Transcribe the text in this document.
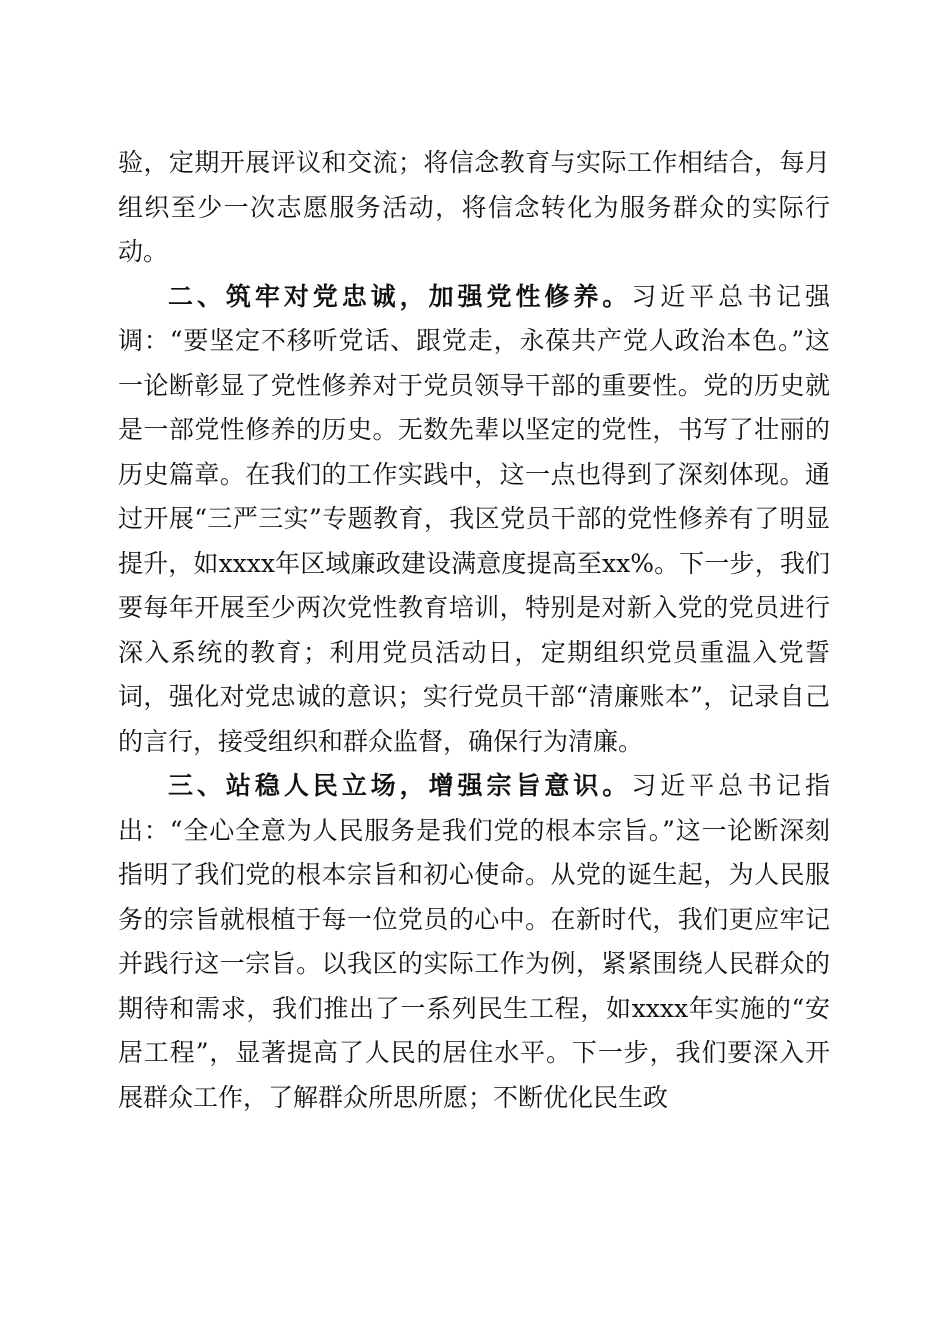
验，定期开展评议和交流；将信念教育与实际工作相结合，每月组织至少一次志愿服务活动，将信念转化为服务群众的实际行动。

二、筑牢对党忠诚，加强党性修养。习近平总书记强调：“要坚定不移听党话、跟党走，永葆共产党人政治本色。”这一论断彰显了党性修养对于党员领导干部的重要性。党的历史就是一部党性修养的历史。无数先辈以坚定的党性，书写了壮丽的历史篇章。在我们的工作实践中，这一点也得到了深刻体现。通过开展“三严三实”专题教育，我区党员干部的党性修养有了明显提升，如xxxx年区域廉政建设满意度提高至xx%。下一步，我们要每年开展至少两次党性教育培训，特别是对新入党的党员进行深入系统的教育；利用党员活动日，定期组织党员重温入党誓词，强化对党忠诚的意识；实行党员干部“清廉账本”，记录自己的言行，接受组织和群众监督，确保行为清廉。

三、站稳人民立场，增强宗旨意识。习近平总书记指出：“全心全意为人民服务是我们党的根本宗旨。”这一论断深刻指明了我们党的根本宗旨和初心使命。从党的诞生起，为人民服务的宗旨就根植于每一位党员的心中。在新时代，我们更应牢记并践行这一宗旨。以我区的实际工作为例，紧紧围绕人民群众的期待和需求，我们推出了一系列民生工程，如xxxx年实施的“安居工程”，显著提高了人民的居住水平。下一步，我们要深入开展群众工作，了解群众所思所愿；不断优化民生政
